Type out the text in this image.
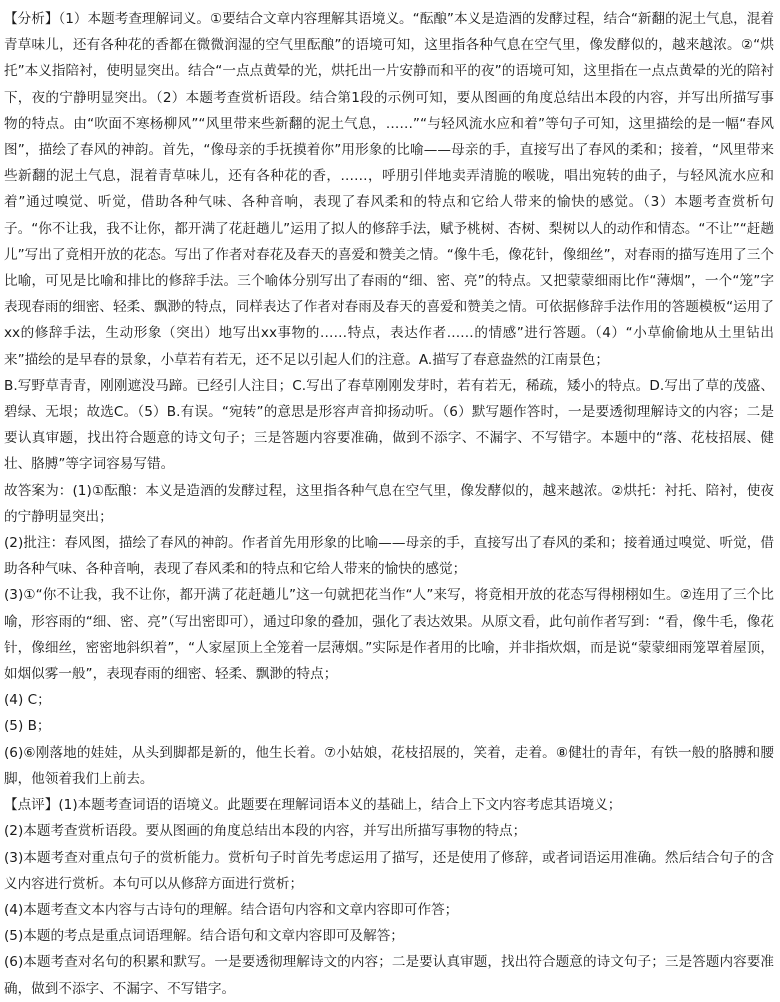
【分析】（1）本题考查理解词义。①要结合文章内容理解其语境义。“酝酿”本义是造酒的发酵过程，结合“新翻的泥土气息，混着青草味儿，还有各种花的香都在微微润湿的空气里酝酿”的语境可知，这里指各种气息在空气里，像发酵似的，越来越浓。②“烘托”本义指陪衬，使明显突出。结合“一点点黄晕的光，烘托出一片安静而和平的夜”的语境可知，这里指在一点点黄晕的光的陪衬下，夜的宁静明显突出。（2）本题考查赏析语段。结合第1段的示例可知，要从图画的角度总结出本段的内容，并写出所描写事物的特点。由“吹面不寒杨柳风”“风里带来些新翻的泥土气息，……”“与轻风流水应和着”等句子可知，这里描绘的是一幅“春风图”，描绘了春风的神韵。首先，“像母亲的手抚摸着你”用形象的比喻——母亲的手，直接写出了春风的柔和；接着，“风里带来些新翻的泥土气息，混着青草味儿，还有各种花的香，……，呼朋引伴地卖弄清脆的喉咙，唱出宛转的曲子，与轻风流水应和着”通过嗅觉、听觉，借助各种气味、各种音响，表现了春风柔和的特点和它给人带来的愉快的感觉。（3）本题考查赏析句子。“你不让我，我不让你，都开满了花赶趟儿”运用了拟人的修辞手法，赋予桃树、杏树、梨树以人的动作和情态。“不让”“赶趟儿”写出了竟相开放的花态。写出了作者对春花及春天的喜爱和赞美之情。“像牛毛，像花针，像细丝”，对春雨的描写连用了三个比喻，可见是比喻和排比的修辞手法。三个喻体分别写出了春雨的“细、密、亮”的特点。又把蒙蒙细雨比作“薄烟”，一个“笼”字表现春雨的细密、轻柔、飘渺的特点，同样表达了作者对春雨及春天的喜爱和赞美之情。可依据修辞手法作用的答题模板“运用了xx的修辞手法，生动形象（突出）地写出xx事物的……特点，表达作者……的情感”进行答题。（4）“小草偷偷地从土里钻出来”描绘的是早春的景象，小草若有若无，还不足以引起人们的注意。A.描写了春意盎然的江南景色；

B.写野草青青，刚刚遮没马蹄。已经引人注目；C.写出了春草刚刚发芽时，若有若无，稀疏，矮小的特点。D.写出了草的茂盛、碧绿、无垠；故选C。（5）B.有误。“宛转”的意思是形容声音抑扬动听。（6）默写题作答时，一是要透彻理解诗文的内容；二是要认真审题，找出符合题意的诗文句子；三是答题内容要准确，做到不添字、不漏字、不写错字。本题中的“落、花枝招展、健壮、胳膊”等字词容易写错。

故答案为：(1)①酝酿：本义是造酒的发酵过程，这里指各种气息在空气里，像发酵似的，越来越浓。②烘托：衬托、陪衬，使夜的宁静明显突出；

(2)批注：春风图，描绘了春风的神韵。作者首先用形象的比喻——母亲的手，直接写出了春风的柔和；接着通过嗅觉、听觉，借助各种气味、各种音响，表现了春风柔和的特点和它给人带来的愉快的感觉；

(3)①“你不让我，我不让你，都开满了花赶趟儿”这一句就把花当作“人”来写，将竟相开放的花态写得栩栩如生。②连用了三个比喻，形容雨的“细、密、亮”（写出密即可），通过印象的叠加，强化了表达效果。从原文看，此句前作者写到：“看，像牛毛，像花针，像细丝，密密地斜织着”，“人家屋顶上全笼着一层薄烟。”实际是作者用的比喻，并非指炊烟，而是说“蒙蒙细雨笼罩着屋顶，如烟似雾一般”，表现春雨的细密、轻柔、飘渺的特点；

(4) C；

(5) B；

(6)⑥刚落地的娃娃，从头到脚都是新的，他生长着。⑦小姑娘，花枝招展的，笑着，走着。⑧健壮的青年，有铁一般的胳膊和腰脚，他领着我们上前去。

【点评】(1)本题考查词语的语境义。此题要在理解词语本义的基础上，结合上下文内容考虑其语境义；

(2)本题考查赏析语段。要从图画的角度总结出本段的内容，并写出所描写事物的特点；

(3)本题考查对重点句子的赏析能力。赏析句子时首先考虑运用了描写，还是使用了修辞，或者词语运用准确。然后结合句子的含义内容进行赏析。本句可以从修辞方面进行赏析；

(4)本题考查文本内容与古诗句的理解。结合语句内容和文章内容即可作答；

(5)本题的考点是重点词语理解。结合语句和文章内容即可及解答；

(6)本题考查对名句的积累和默写。一是要透彻理解诗文的内容；二是要认真审题，找出符合题意的诗文句子；三是答题内容要准确，做到不添字、不漏字、不写错字。
